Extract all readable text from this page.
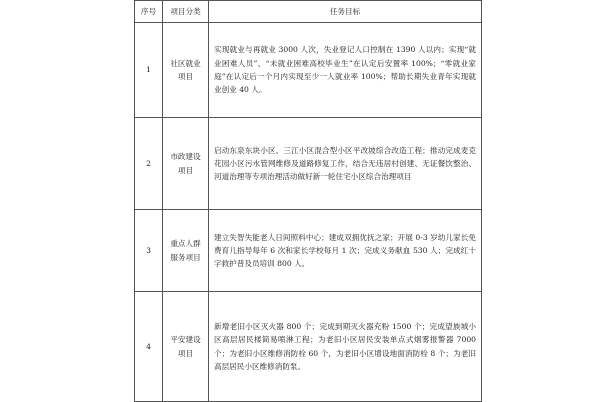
序号	项目分类	任务目标
1	社区就业项目	实现就业与再就业 3000 人次，失业登记人口控制在 1390 人以内；实现“就业困难人员”、“未就业困难高校毕业生”在认定后安置率 100%；“零就业家庭”在认定后一个月内实现至少一人就业率 100%；帮助长期失业青年实现就业创业 40 人。
2	市政建设项目	启动东泉东块小区、三江小区混合型小区平改坡综合改造工程；推动完成麦克花园小区污水管网维修及道路修复工作，结合无违居村创建、无证餐饮整治、河道治理等专项治理活动做好新一轮住宅小区综合治理项目
3	重点人群服务项目	建立失智失能老人日间照料中心；建成双拥优抚之家；开展 0-3 岁幼儿家长免费育儿指导每年 6 次和家长学校每月 1 次；完成义务献血 530 人；完成红十字救护普及员培训 800 人。
4	平安建设项目	新增老旧小区灭火器 800 个；完成到期灭火器充粉 1500 个；完成望族城小区高层居民楼简易喷淋工程；为老旧小区居民安装单点式烟雾报警器 7000 个；为老旧小区维修消防栓 60 个，为老旧小区增设地面消防栓 8 个；为老旧高层居民小区维修消防泵。
